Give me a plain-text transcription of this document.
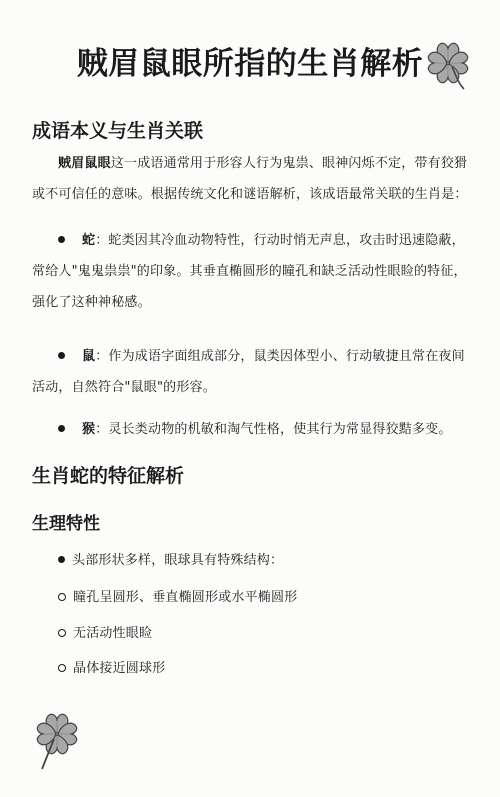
贼眉鼠眼所指的生肖解析
成语本义与生肖关联
贼眉鼠眼这一成语通常用于形容人行为鬼祟、眼神闪烁不定，带有狡猾或不可信任的意味。根据传统文化和谜语解析，该成语最常关联的生肖是：
蛇：蛇类因其冷血动物特性，行动时悄无声息，攻击时迅速隐蔽，常给人"鬼鬼祟祟"的印象。其垂直椭圆形的瞳孔和缺乏活动性眼睑的特征，强化了这种神秘感。
鼠：作为成语字面组成部分，鼠类因体型小、行动敏捷且常在夜间活动，自然符合"鼠眼"的形容。
猴：灵长类动物的机敏和淘气性格，使其行为常显得狡黠多变。
生肖蛇的特征解析
生理特性
头部形状多样，眼球具有特殊结构：
瞳孔呈圆形、垂直椭圆形或水平椭圆形
无活动性眼睑
晶体接近圆球形
